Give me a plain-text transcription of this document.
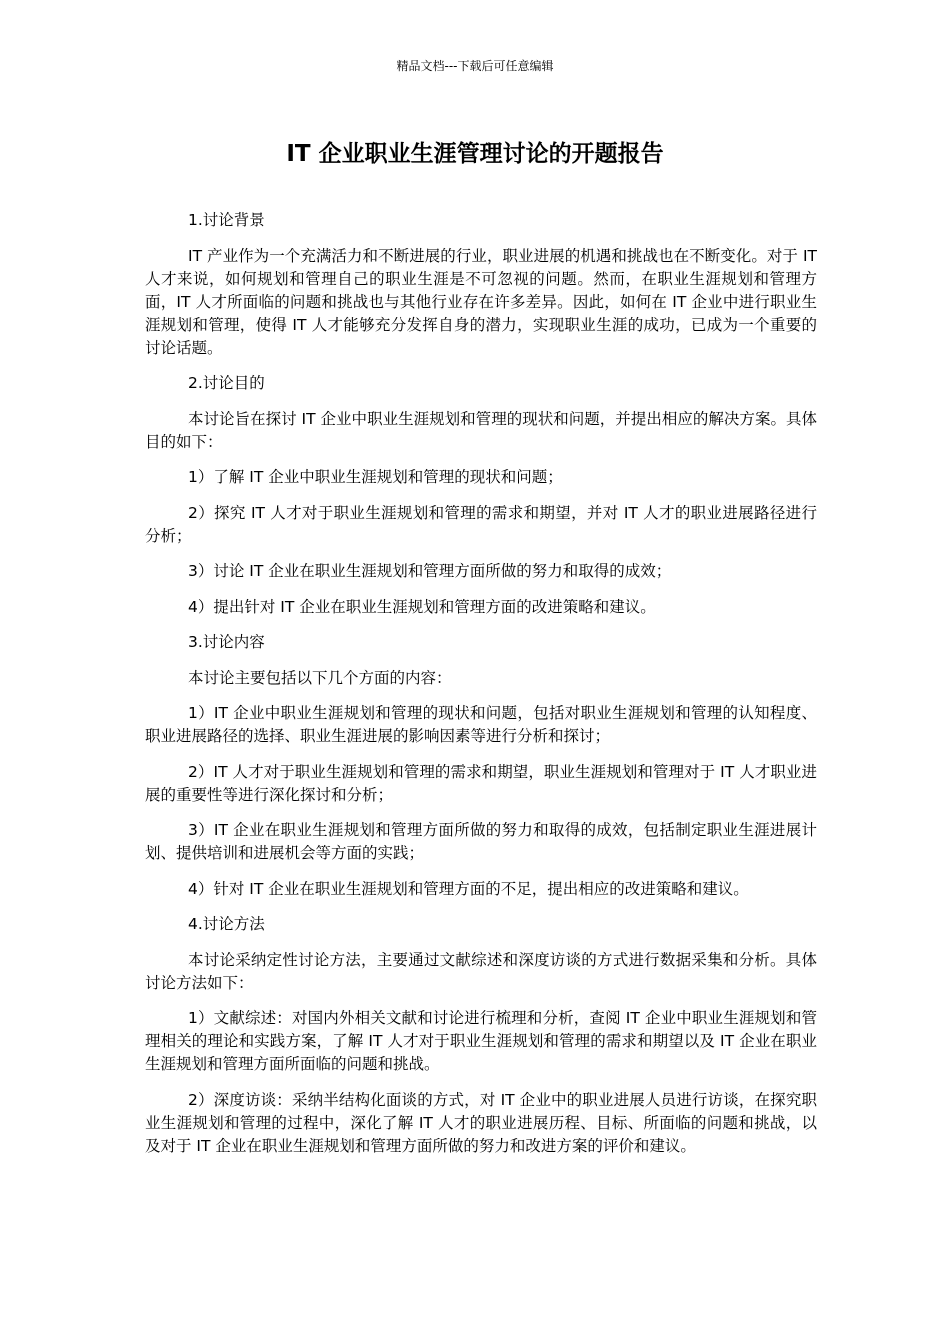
精品文档---下载后可任意编辑
IT 企业职业生涯管理讨论的开题报告

1.讨论背景

IT 产业作为一个充满活力和不断进展的行业，职业进展的机遇和挑战也在不断变化。对于 IT 人才来说，如何规划和管理自己的职业生涯是不可忽视的问题。然而，在职业生涯规划和管理方面，IT 人才所面临的问题和挑战也与其他行业存在许多差异。因此，如何在 IT 企业中进行职业生涯规划和管理，使得 IT 人才能够充分发挥自身的潜力，实现职业生涯的成功，已成为一个重要的讨论话题。

2.讨论目的

本讨论旨在探讨 IT 企业中职业生涯规划和管理的现状和问题，并提出相应的解决方案。具体目的如下：

1）了解 IT 企业中职业生涯规划和管理的现状和问题；

2）探究 IT 人才对于职业生涯规划和管理的需求和期望，并对 IT 人才的职业进展路径进行分析；

3）讨论 IT 企业在职业生涯规划和管理方面所做的努力和取得的成效；

4）提出针对 IT 企业在职业生涯规划和管理方面的改进策略和建议。

3.讨论内容

本讨论主要包括以下几个方面的内容：

1）IT 企业中职业生涯规划和管理的现状和问题，包括对职业生涯规划和管理的认知程度、职业进展路径的选择、职业生涯进展的影响因素等进行分析和探讨；

2）IT 人才对于职业生涯规划和管理的需求和期望，职业生涯规划和管理对于 IT 人才职业进展的重要性等进行深化探讨和分析；

3）IT 企业在职业生涯规划和管理方面所做的努力和取得的成效，包括制定职业生涯进展计划、提供培训和进展机会等方面的实践；

4）针对 IT 企业在职业生涯规划和管理方面的不足，提出相应的改进策略和建议。

4.讨论方法

本讨论采纳定性讨论方法，主要通过文献综述和深度访谈的方式进行数据采集和分析。具体讨论方法如下：

1）文献综述：对国内外相关文献和讨论进行梳理和分析，查阅 IT 企业中职业生涯规划和管理相关的理论和实践方案，了解 IT 人才对于职业生涯规划和管理的需求和期望以及 IT 企业在职业生涯规划和管理方面所面临的问题和挑战。

2）深度访谈：采纳半结构化面谈的方式，对 IT 企业中的职业进展人员进行访谈，在探究职业生涯规划和管理的过程中，深化了解 IT 人才的职业进展历程、目标、所面临的问题和挑战，以及对于 IT 企业在职业生涯规划和管理方面所做的努力和改进方案的评价和建议。
